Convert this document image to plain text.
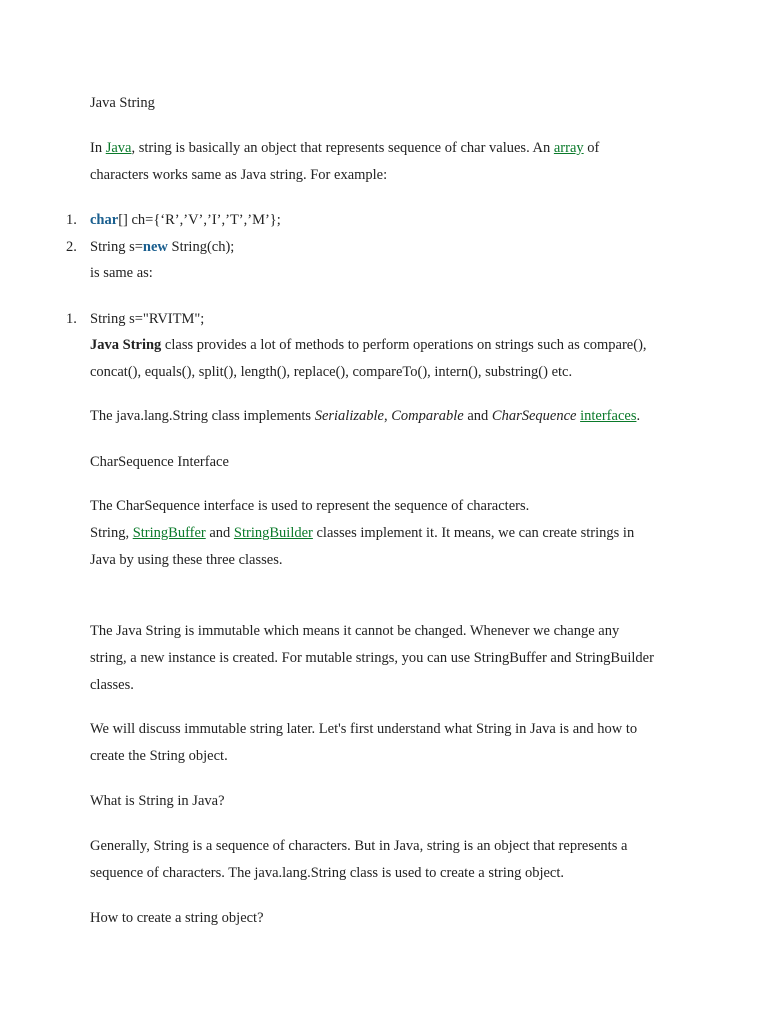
Java String
In Java, string is basically an object that represents sequence of char values. An array of
characters works same as Java string. For example:
1. char[] ch={‘R’,’V’,’I’,’T’,’M’};
2. String s=new String(ch);
is same as:
1. String s="RVITM";
Java String class provides a lot of methods to perform operations on strings such as compare(),
concat(), equals(), split(), length(), replace(), compareTo(), intern(), substring() etc.
The java.lang.String class implements Serializable, Comparable and CharSequence interfaces.
CharSequence Interface
The CharSequence interface is used to represent the sequence of characters.
String, StringBuffer and StringBuilder classes implement it. It means, we can create strings in
Java by using these three classes.
The Java String is immutable which means it cannot be changed. Whenever we change any
string, a new instance is created. For mutable strings, you can use StringBuffer and StringBuilder
classes.
We will discuss immutable string later. Let's first understand what String in Java is and how to
create the String object.
What is String in Java?
Generally, String is a sequence of characters. But in Java, string is an object that represents a
sequence of characters. The java.lang.String class is used to create a string object.
How to create a string object?
